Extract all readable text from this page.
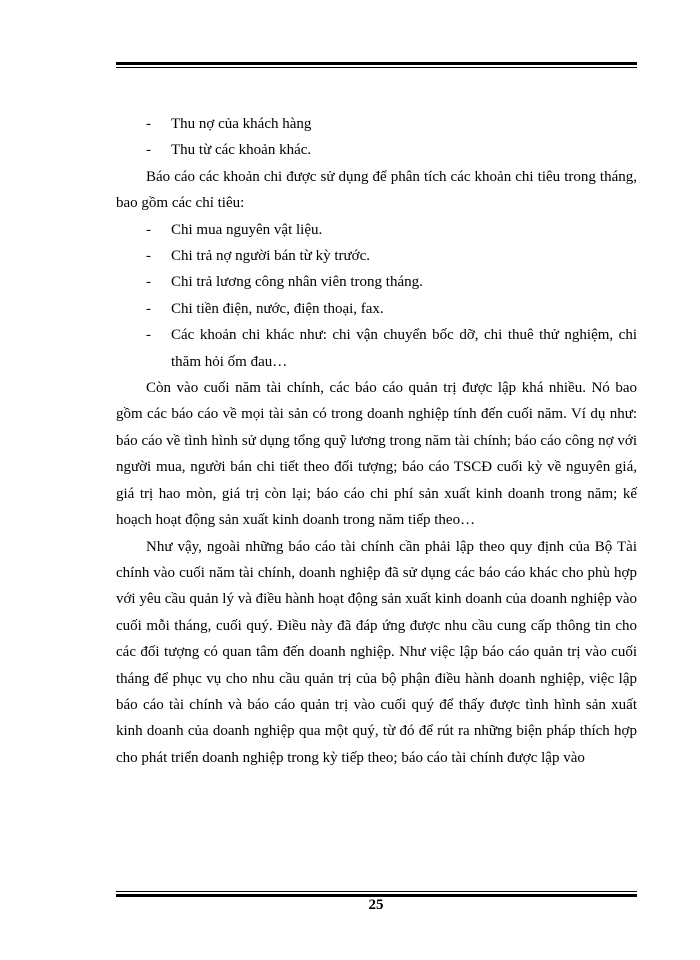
- Thu nợ của khách hàng
- Thu từ các khoản khác.
Báo cáo các khoản chi được sử dụng để phân tích các khoản chi tiêu trong tháng, bao gồm các chỉ tiêu:
- Chi mua nguyên vật liệu.
- Chi trả nợ người bán từ kỳ trước.
- Chi trả lương công nhân viên trong tháng.
- Chi tiền điện, nước, điện thoại, fax.
- Các khoản chi khác như: chi vận chuyển bốc dỡ, chi thuê thử nghiệm, chi thăm hỏi ốm đau…
Còn vào cuối năm tài chính, các báo cáo quản trị được lập khá nhiều. Nó bao gồm các báo cáo về mọi tài sản có trong doanh nghiệp tính đến cuối năm. Ví dụ như: báo cáo về tình hình sử dụng tổng quỹ lương trong năm tài chính; báo cáo công nợ với người mua, người bán chi tiết theo đối tượng; báo cáo TSCĐ cuối kỳ về nguyên giá, giá trị hao mòn, giá trị còn lại; báo cáo chi phí sản xuất kinh doanh trong năm; kế hoạch hoạt động sản xuất kinh doanh trong năm tiếp theo…
Như vậy, ngoài những báo cáo tài chính cần phải lập theo quy định của Bộ Tài chính vào cuối năm tài chính, doanh nghiệp đã sử dụng các báo cáo khác cho phù hợp với yêu cầu quản lý và điều hành hoạt động sản xuất kinh doanh của doanh nghiệp vào cuối mỗi tháng, cuối quý. Điều này đã đáp ứng được nhu cầu cung cấp thông tin cho các đối tượng có quan tâm đến doanh nghiệp. Như việc lập báo cáo quản trị vào cuối tháng để phục vụ cho nhu cầu quản trị của bộ phận điều hành doanh nghiệp, việc lập báo cáo tài chính và báo cáo quản trị vào cuối quý để thấy được tình hình sản xuất kinh doanh của doanh nghiệp qua một quý, từ đó để rút ra những biện pháp thích hợp cho phát triển doanh nghiệp trong kỳ tiếp theo; báo cáo tài chính được lập vào
25
